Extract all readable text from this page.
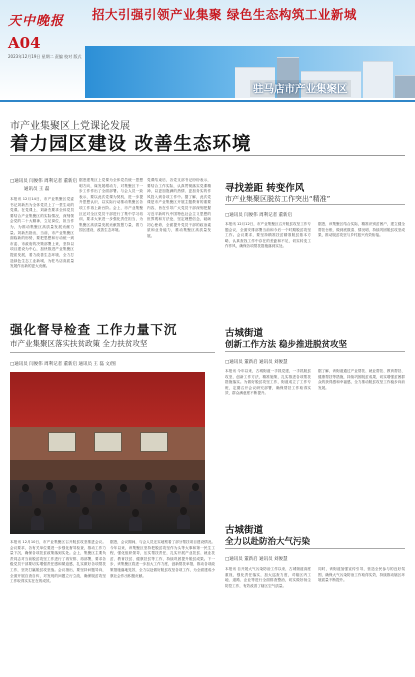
天中晚报
A04
2023年12月19日 星期二 责编 校对 版式
招大引强引领产业集聚 绿色生态构筑工业新城
驻马店市产业集聚区
市产业集聚区上党课论发展
着力园区建设 改善生态环境
□通讯员 闫俊伟 周利记者 董新启
通讯员 王 磊
本报讯 12月14日，市产业集聚区党委书记刘新杰为全体党员上了一堂生动的党课。在党课上，刘新杰要求全体党员要结合产业集聚区的实际情况，深刻领会党的二十大精神，立足岗位，担当作为，为推动集聚区高质量发展贡献力量。刘新杰指出，当前，市产业集聚区面临新的形势，要把思想和行动统一到市委、市政府的决策部署上来，坚持以项目建设为中心，加快推进产业集聚区提质发展，着力改善生态环境，全力打造绿色生态工业新城，为驻马店高质量发展作出新的更大贡献。
据悉建集区上党课为全体党员统一思想明方向，谋发展增动力，对集聚区下一步工作作出了全面部署。与会人员一致表示，要以此次党课为契机，进一步提升思想认识，以实际行动推动集聚区各项工作再上新台阶。会上，市产业集聚区还对全区党员干部进行了集中学习培训，要求大家进一步强化责任担当，为集聚区高质量发展贡献智慧力量，着力园区建设，改善生态环境。
党课结束后，各党支部书记纷纷表示，要结合工作实际，认真贯彻落实党课精神，以更加饱满的热情、更加务实的作风投入到各项工作中。据了解，此次党课是市产业集聚区开展主题教育的重要内容，旨在引导广大党员干部深刻把握习近平新时代中国特色社会主义思想的世界观和方法论，坚定理想信念，砥砺初心使命，全面提升党员干部的政治素质和业务能力，推动集聚区高质量发展。
寻找差距 转变作风
市产业集聚区脱贫工作突出“精准”
□通讯员 闫俊伟 周利记者 董新启
本报讯 12月12日，市产业集聚区召开脱贫攻坚工作专题会议，全面安排部署当前和今后一个时期脱贫攻坚工作。会议要求，要坚持精准扶贫精准脱贫基本方略，认真查找工作中存在的差距和不足，切实转变工作作风，确保各项帮扶措施落到实处。
据悉，该集聚区结合实际，精准识别贫困户，建立健全帮扶台账，做到底数清、情况明，持续巩固脱贫攻坚成果，推动脱贫攻坚与乡村振兴有效衔接。
强化督导检查 工作力量下沉
市产业集聚区落实扶贫政策 全力扶贫攻坚
□通讯员 闫俊伟 周利记者 董新启 通讯员 王 磊 文/图
本报讯 12月10日，市产业集聚区召开脱贫攻坚推进会议。会议要求，各有关单位要进一步强化督导检查，推动工作力量下沉，确保各项扶贫政策落到实处。会上，集聚区主要负责同志对当前脱贫攻坚工作进行了再安排、再部署，要求各级党员干部要切实增强责任感和紧迫感，扎实做好各项帮扶工作，坚决打赢脱贫攻坚战。会议指出，要坚持问题导向，全面开展自查自纠，对发现的问题立行立改，确保脱贫攻坚工作取得实实在在的成效。
据悉，会议期间，与会人员还实地察看了部分帮扶项目建设情况。今年以来，该集聚区坚持把脱贫攻坚作为头等大事和第一民生工程，强化组织领导，压实帮扶责任，扎实开展产业扶贫、就业扶贫、教育扶贫、健康扶贫等工作，持续巩固提升脱贫成果。下一步，该集聚区将进一步加大工作力度，创新帮扶举措，推动各项政策措施落地见效，全力以赴做好脱贫攻坚各项工作，为全面建成小康社会作出积极贡献。
古城街道
创新工作方法 稳步推进脱贫攻坚
□通讯员 董新启 通讯员 刘俊慧
本报讯 今年以来，古城街道一手抓党建，一手抓脱贫攻坚，创新工作方法，精准施策，扎实推进各项帮扶措施落实。为做好脱贫攻坚工作，街道成立了工作专班，定期召开会议研究部署，确保帮扶工作取得实效，群众满意度不断提升。
据了解，该街道通过产业帮扶、就业帮扶、教育帮扶、健康帮扶等措施，持续巩固脱贫成果，切实增强贫困群众的获得感和幸福感，全力推动脱贫攻坚工作稳步向前发展。
古城街道
全力以赴防治大气污染
□通讯员 董新启 通讯员 刘俊慧
本报讯 自开展大气污染防治工作以来，古城街道高度重视，强化责任落实，加大巡查力度，对辖区内工地、道路、企业等进行全面排查整治，切实做好扬尘防控工作，有效改善了辖区空气质量。
同时，该街道加强宣传引导，营造全民参与的良好氛围，确保大气污染防治工作取得实效，持续推动辖区环境质量不断提升。
